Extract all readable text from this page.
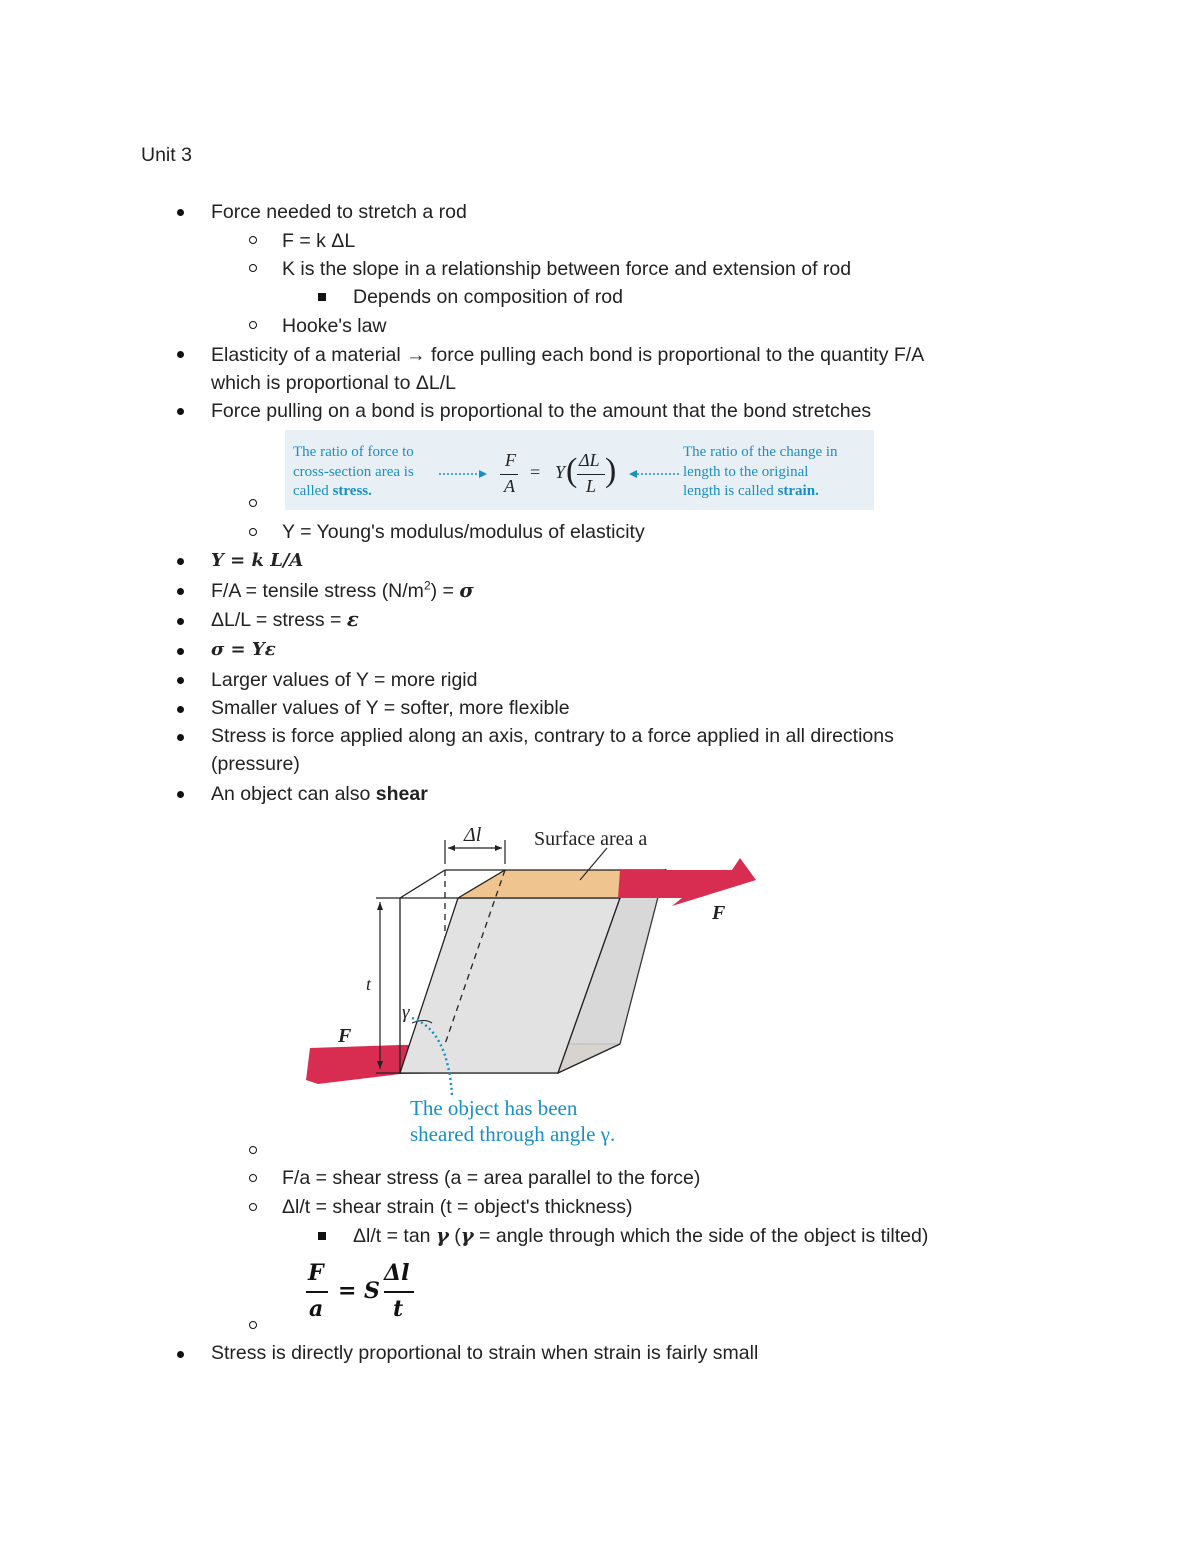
Unit 3
Force needed to stretch a rod
F = k ΔL
K is the slope in a relationship between force and extension of rod
Depends on composition of rod
Hooke's law
Elasticity of a material → force pulling each bond is proportional to the quantity F/A
which is proportional to ΔL/L
Force pulling on a bond is proportional to the amount that the bond stretches
The ratio of force to
cross-section area is
called stress.
F
A
= Y ( ΔL
L )	The ratio of the change in
length to the original
length is called strain.
Y = Young's modulus/modulus of elasticity
Y = k L/A
F/A = tensile stress $(N/m^2) = \sigma$
ΔL/L = stress = ε
σ = Yε
Larger values of Y = more rigid
Smaller values of Y = softer, more flexible
Stress is force applied along an axis, contrary to a force applied in all directions
(pressure)
An object can also shear
Δl	Surface area a
F
F
t
γ
The object has been
sheared through angle γ.
F/a = shear stress (a = area parallel to the force)
Δl/t = shear strain (t = object's thickness)
Δl/t = tan γ (γ = angle through which the side of the object is tilted)
F
a
= S
Δl
t
Stress is directly proportional to strain when strain is fairly small
